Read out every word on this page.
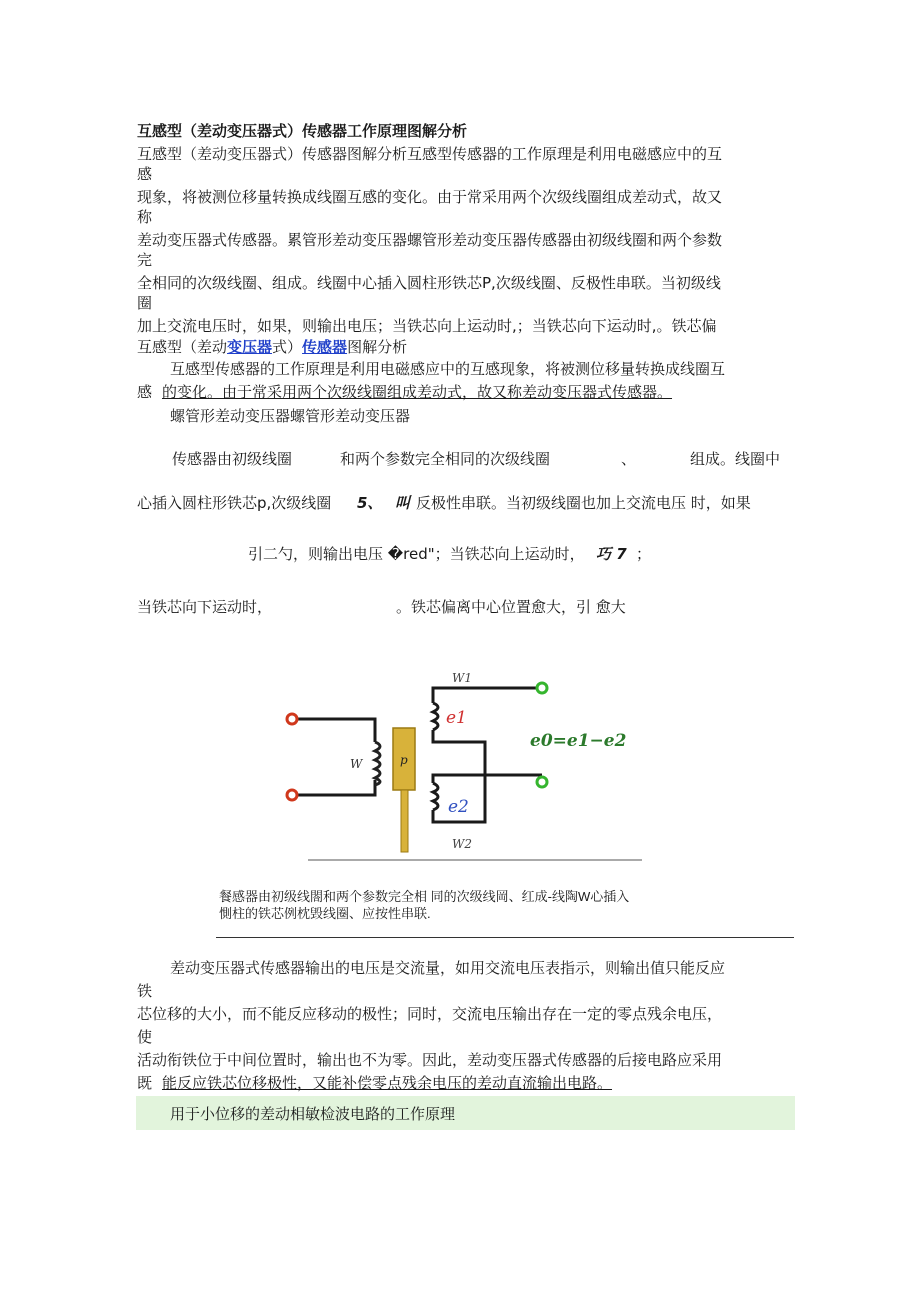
互感型（差动变压器式）传感器工作原理图解分析
互感型（差动变压器式）传感器图解分析互感型传感器的工作原理是利用电磁感应中的互
感
现象，将被测位移量转换成线圈互感的变化。由于常采用两个次级线圈组成差动式，故又
称
差动变压器式传感器。累管形差动变压器螺管形差动变压器传感器由初级线圈和两个参数
完
全相同的次级线圈、组成。线圈中心插入圆柱形铁芯P,次级线圈、反极性串联。当初级线
圈
加上交流电压时，如果，则输出电压；当铁芯向上运动时,；当铁芯向下运动时,。铁芯偏
互感型（差动变压器式）传感器图解分析
互感型传感器的工作原理是利用电磁感应中的互感现象，将被测位移量转换成线圈互
感 的变化。由于常采用两个次级线圈组成差动式，故又称差动变压器式传感器。
螺管形差动变压器螺管形差动变压器
传感器由初级线圈	和两个参数完全相同的次级线圈	、	组成。线圈中
心插入圆柱形铁芯p,次级线圈 5、 叫 反极性串联。当初级线圈也加上交流电压 时，如果
引二勺，则输出电压 �red"；当铁芯向上运动时， 巧 7 ；
当铁芯向下运动时，	。铁芯偏离中心位置愈大，引 愈大
W	p
W1
W2
e1
e2
e0=e1−e2
餐感器由初级线閤和两个参数完全相 同的次级线岡、红成-线陶W心插入
惻柱的铁芯例枕毁线圈、应按性串联.
差动变压器式传感器输出的电压是交流量，如用交流电压表指示，则输出值只能反应
铁
芯位移的大小，而不能反应移动的极性；同时，交流电压输出存在一定的零点残余电压，
使
活动衔铁位于中间位置时，输出也不为零。因此，差动变压器式传感器的后接电路应采用
既 能反应铁芯位移极性，又能补偿零点残余电压的差动直流输出电路。
用于小位移的差动相敏检波电路的工作原理
